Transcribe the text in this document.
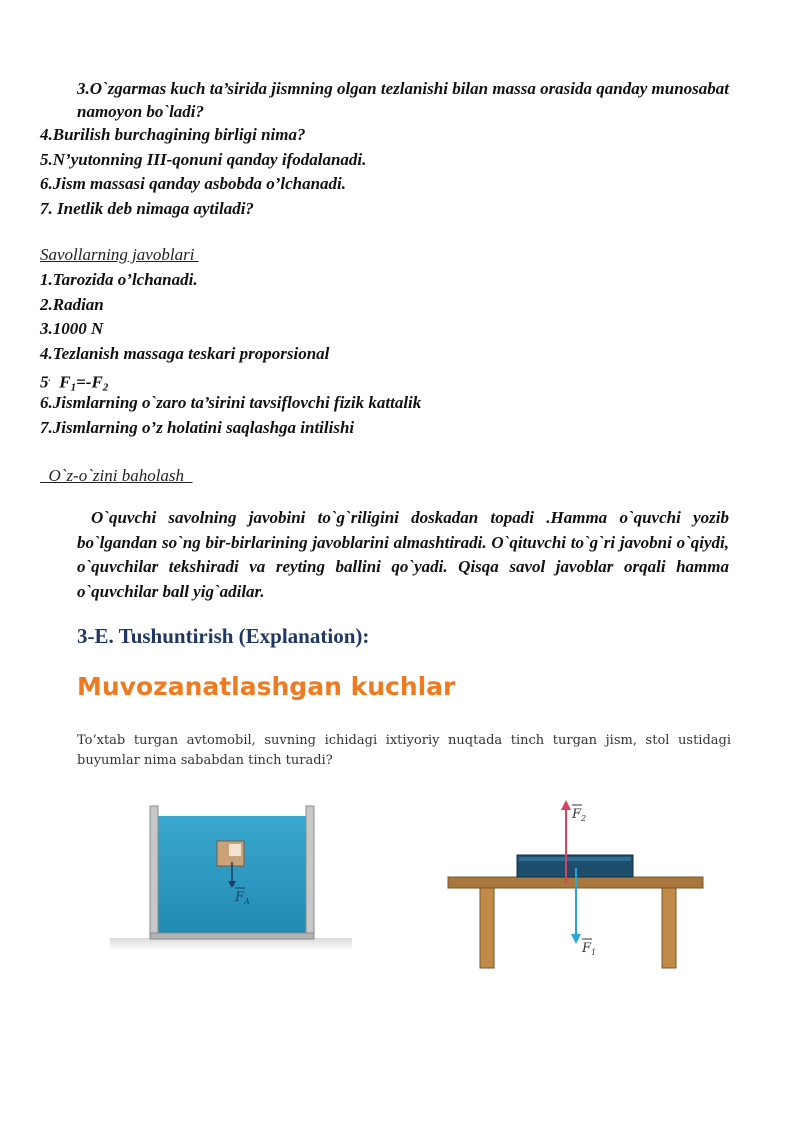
3.O`zgarmas kuch ta’sirida jismning olgan tezlanishi bilan massa orasida qanday munosabat namoyon bo`ladi?

4.Burilish burchagining birligi nima?
5.N’yutonning III-qonuni qanday ifodalanadi.
6.Jism massasi qanday asbobda o’lchanadi.
7. Inetlik deb nimaga aytiladi?
Savollarning javoblari
1.Tarozida o’lchanadi.
2.Radian
3.1000 N
4.Tezlanish massaga teskari proporsional
5. $F_1=-F_2$
6.Jismlarning o`zaro ta’sirini tavsiflovchi fizik kattalik
7.Jismlarning o’z holatini saqlashga intilishi
O`z-o`zini baholash

O`quvchi savolning javobini to`g`riligini doskadan topadi .Hamma o`quvchi yozib bo`lgandan so`ng bir-birlarining javoblarini almashtiradi. O`qituvchi to`g`ri javobni o`qiydi, o`quvchilar tekshiradi va reyting ballini qo`yadi. Qisqa savol javoblar orqali hamma o`quvchilar ball yig`adilar.

3-E. Tushuntirish (Explanation):
Muvozanatlashgan kuchlar

To‘xtab turgan avtomobil, suvning ichidagi ixtiyoriy nuqtada tinch turgan jism, stol ustidagi buyumlar nima sababdan tinch turadi?

$F_A$
$F_2$
$F_1$
